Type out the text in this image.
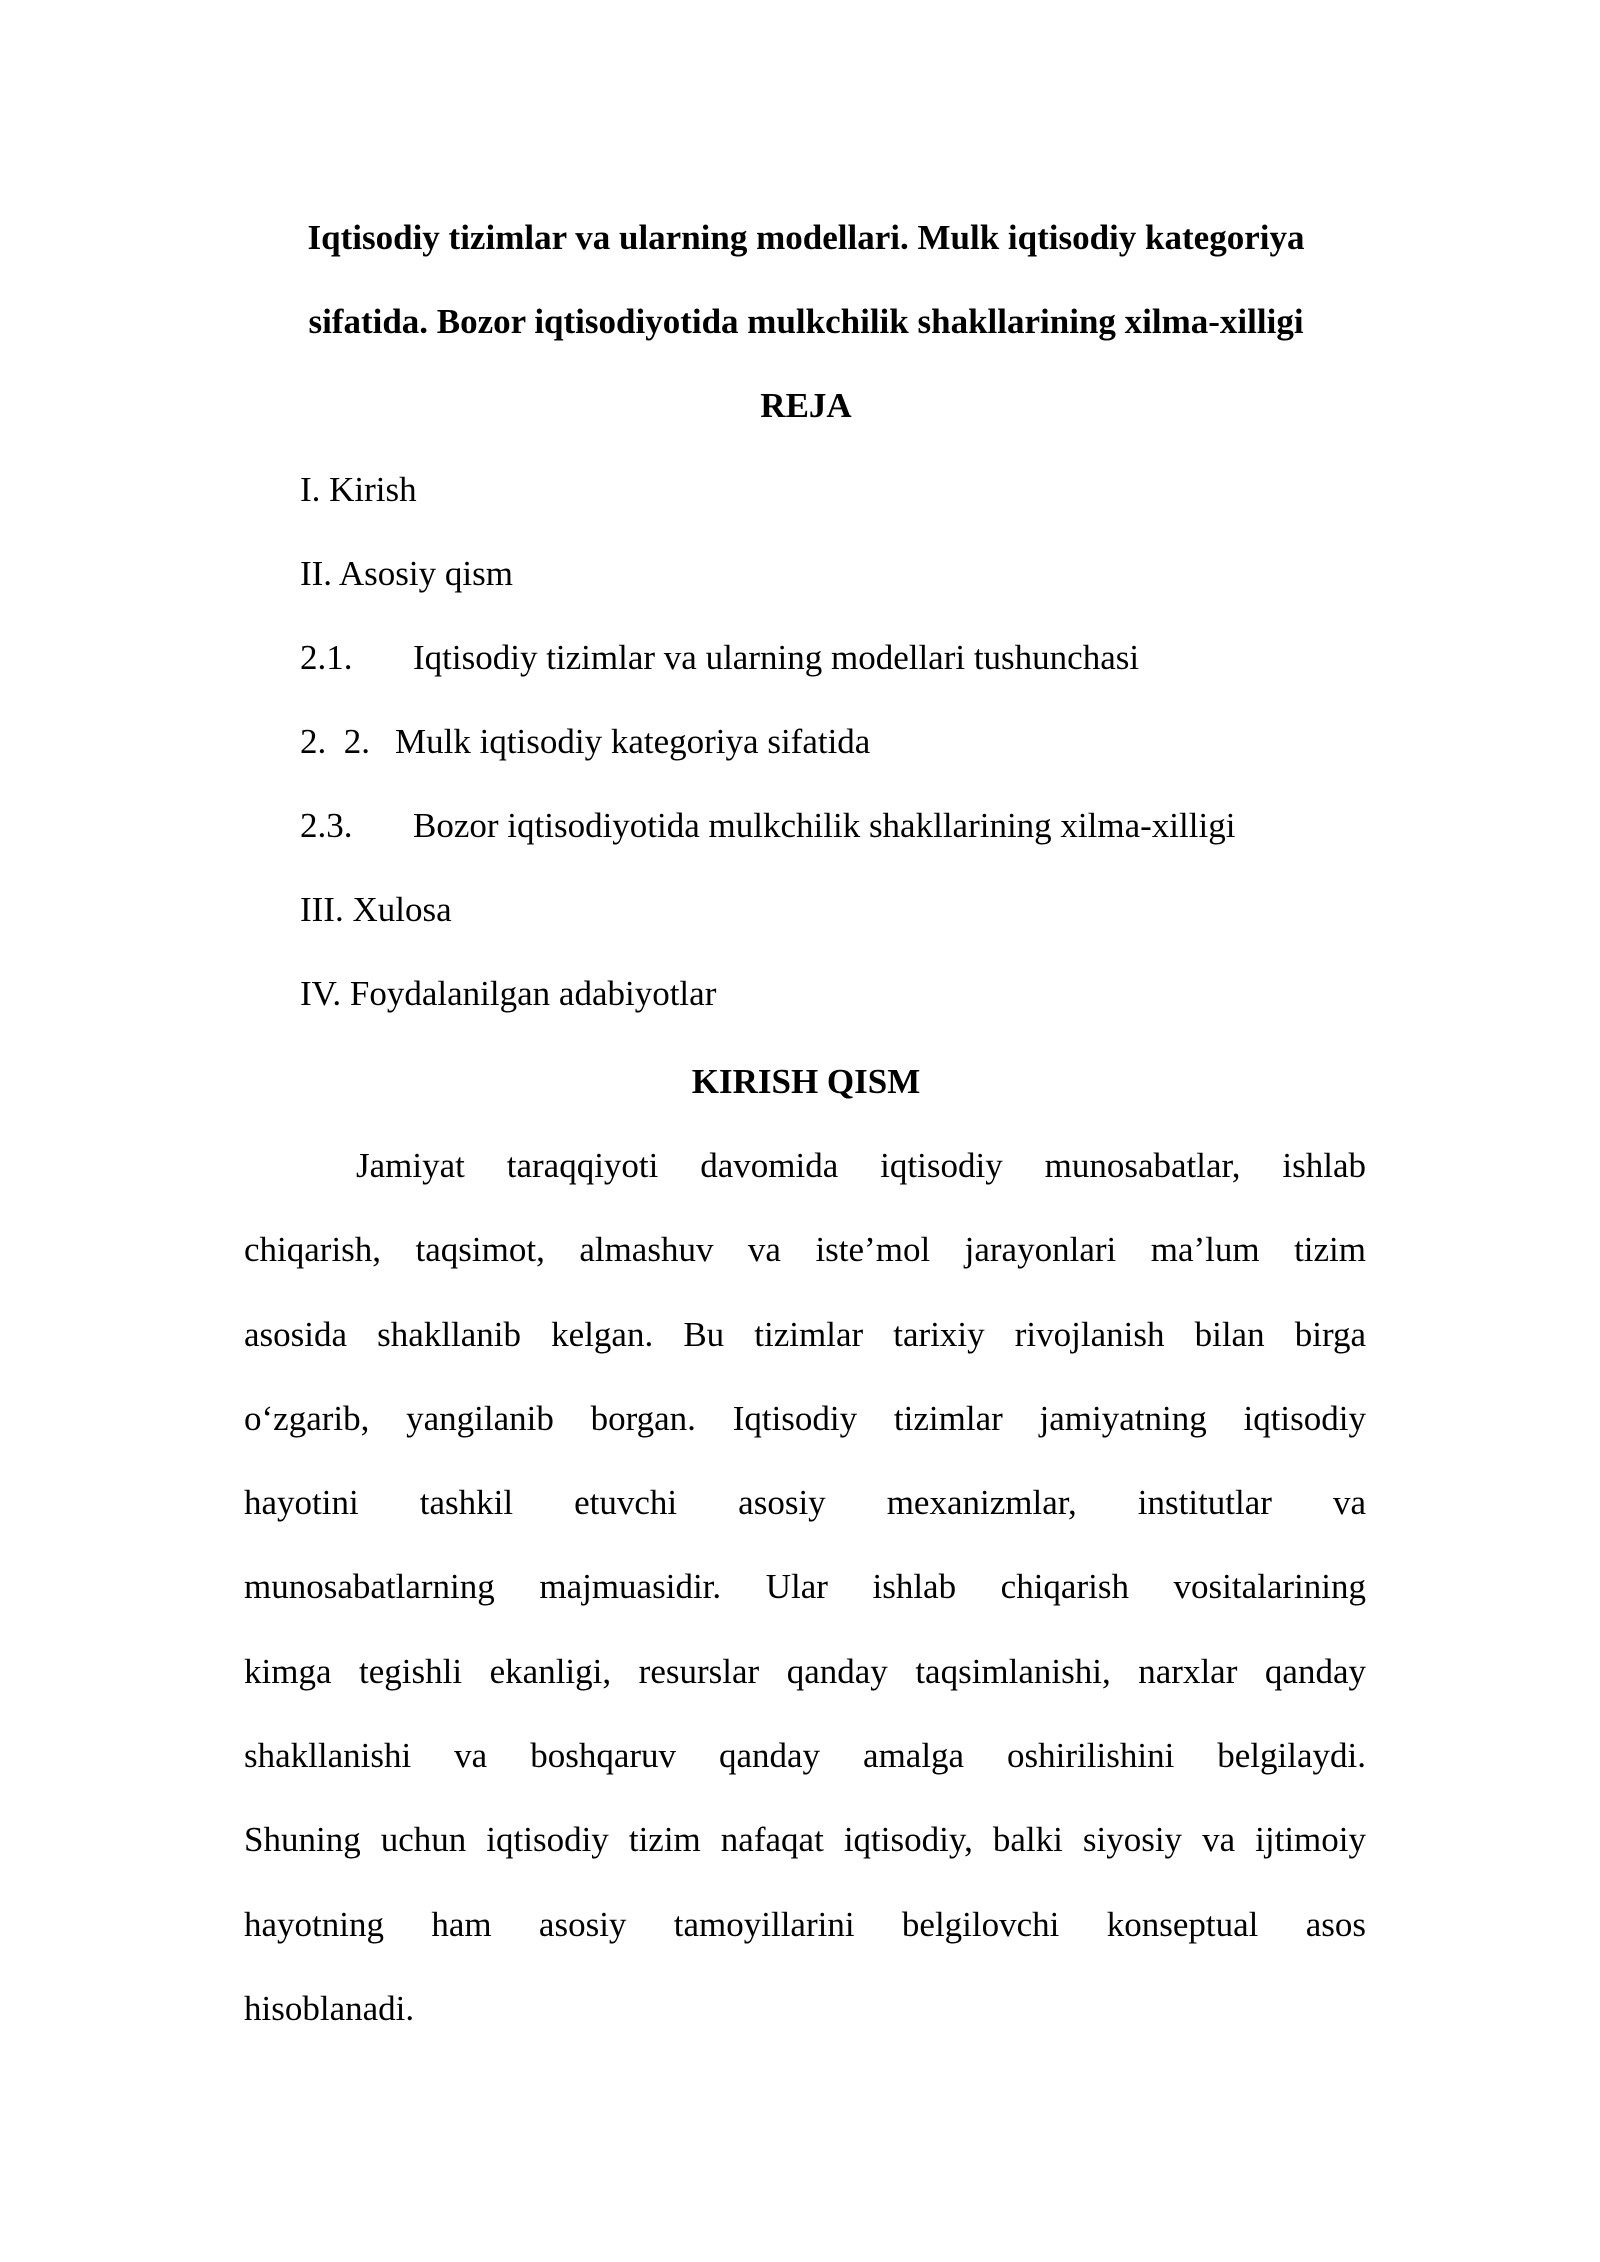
Iqtisodiy tizimlar va ularning modellari. Mulk iqtisodiy kategoriya
sifatida. Bozor iqtisodiyotida mulkchilik shakllarining xilma-xilligi
REJA
I. Kirish
II. Asosiy qism
2.1. Iqtisodiy tizimlar va ularning modellari tushunchasi
2.  2. Mulk iqtisodiy kategoriya sifatida
2.3. Bozor iqtisodiyotida mulkchilik shakllarining xilma-xilligi
III. Xulosa
IV. Foydalanilgan adabiyotlar
KIRISH QISM

Jamiyat taraqqiyoti davomida iqtisodiy munosabatlar, ishlab
chiqarish, taqsimot, almashuv va iste’mol jarayonlari ma’lum tizim
asosida shakllanib kelgan. Bu tizimlar tarixiy rivojlanish bilan birga
o‘zgarib, yangilanib borgan. Iqtisodiy tizimlar jamiyatning iqtisodiy
hayotini tashkil etuvchi asosiy mexanizmlar, institutlar va
munosabatlarning majmuasidir. Ular ishlab chiqarish vositalarining
kimga tegishli ekanligi, resurslar qanday taqsimlanishi, narxlar qanday
shakllanishi va boshqaruv qanday amalga oshirilishini belgilaydi.
Shuning uchun iqtisodiy tizim nafaqat iqtisodiy, balki siyosiy va ijtimoiy
hayotning ham asosiy tamoyillarini belgilovchi konseptual asos
hisoblanadi.
